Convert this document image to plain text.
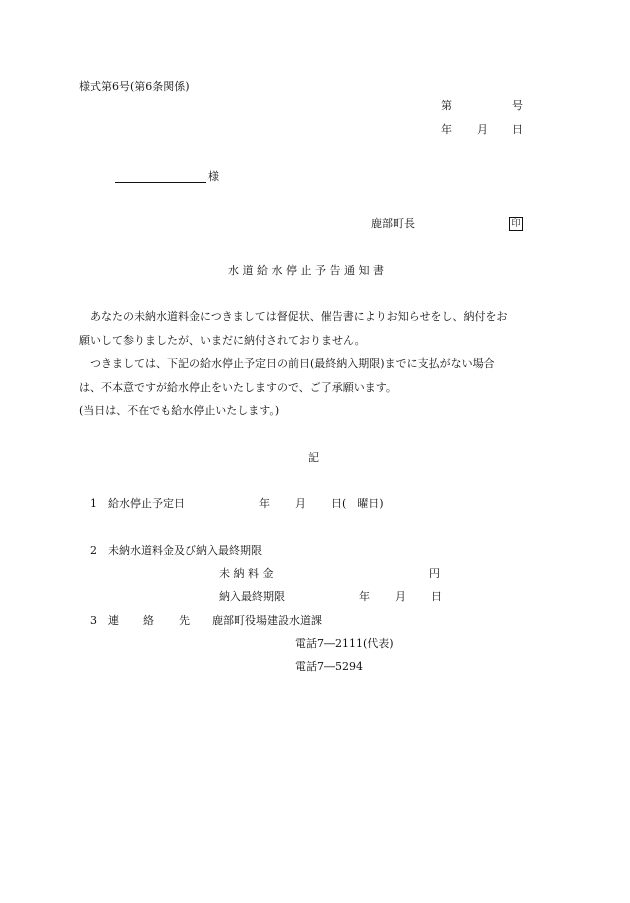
様式第6号(第6条関係)
第	号
年 月 日
様
鹿部町長	印
水 道 給 水 停 止 予 告 通 知 書
　あなたの未納水道料金につきましては督促状、催告書によりお知らせをし、納付をお
願いして参りましたが、いまだに納付されておりません。
　つきましては、下記の給水停止予定日の前日(最終納入期限)までに支払がない場合
は、不本意ですが給水停止をいたしますので、ご了承願います。
(当日は、不在でも給水停止いたします。)
記
1 給水停止予定日	年 月 日(　曜日)
2 未納水道料金及び納入最終期限
未 納 料 金	円
納入最終期限	年 月 日
3 連 絡 先 鹿部町役場建設水道課
電話7―2111(代表)
電話7―5294
